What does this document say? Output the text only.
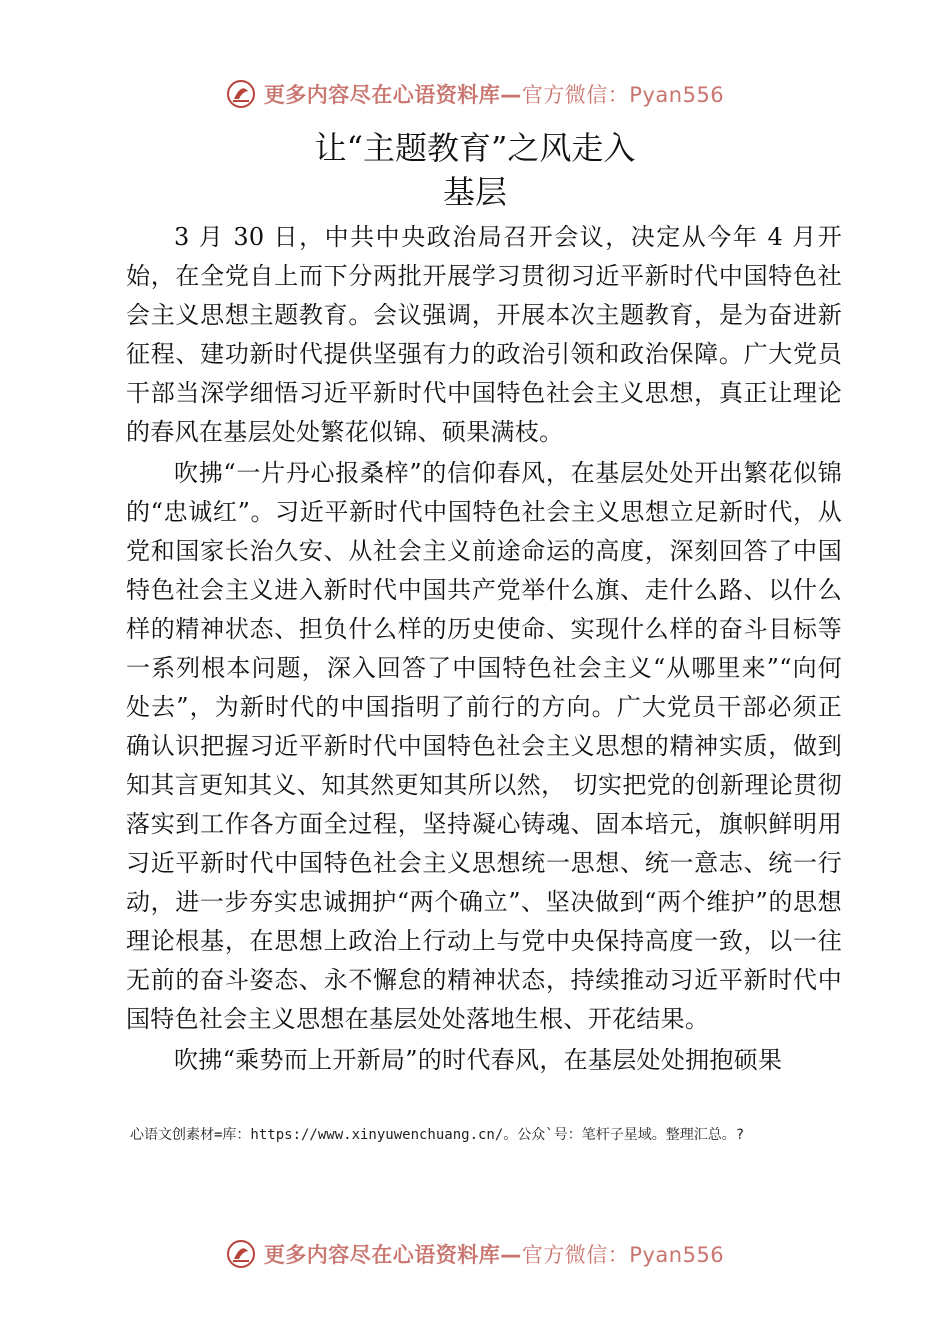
更多内容尽在心语资料库—官方微信：Pyan556
让“主题教育”之风走入
基层

3 月 30 日，中共中央政治局召开会议，决定从今年 4 月开始，在全党自上而下分两批开展学习贯彻习近平新时代中国特色社会主义思想主题教育。会议强调，开展本次主题教育，是为奋进新征程、建功新时代提供坚强有力的政治引领和政治保障。广大党员干部当深学细悟习近平新时代中国特色社会主义思想，真正让理论的春风在基层处处繁花似锦、硕果满枝。

吹拂“一片丹心报桑梓”的信仰春风，在基层处处开出繁花似锦的“忠诚红”。习近平新时代中国特色社会主义思想立足新时代，从党和国家长治久安、从社会主义前途命运的高度，深刻回答了中国特色社会主义进入新时代中国共产党举什么旗、走什么路、以什么样的精神状态、担负什么样的历史使命、实现什么样的奋斗目标等一系列根本问题，深入回答了中国特色社会主义“从哪里来”“向何处去”，为新时代的中国指明了前行的方向。广大党员干部必须正确认识把握习近平新时代中国特色社会主义思想的精神实质，做到知其言更知其义、知其然更知其所以然， 切实把党的创新理论贯彻落实到工作各方面全过程，坚持凝心铸魂、固本培元，旗帜鲜明用习近平新时代中国特色社会主义思想统一思想、统一意志、统一行动，进一步夯实忠诚拥护“两个确立”、坚决做到“两个维护”的思想理论根基，在思想上政治上行动上与党中央保持高度一致，以一往无前的奋斗姿态、永不懈怠的精神状态，持续推动习近平新时代中国特色社会主义思想在基层处处落地生根、开花结果。

吹拂“乘势而上开新局”的时代春风，在基层处处拥抱硕果

心语文创素材=库：https://www.xinyuwenchuang.cn/。公众`号：笔杆子星域。整理汇总。?
更多内容尽在心语资料库—官方微信：Pyan556
